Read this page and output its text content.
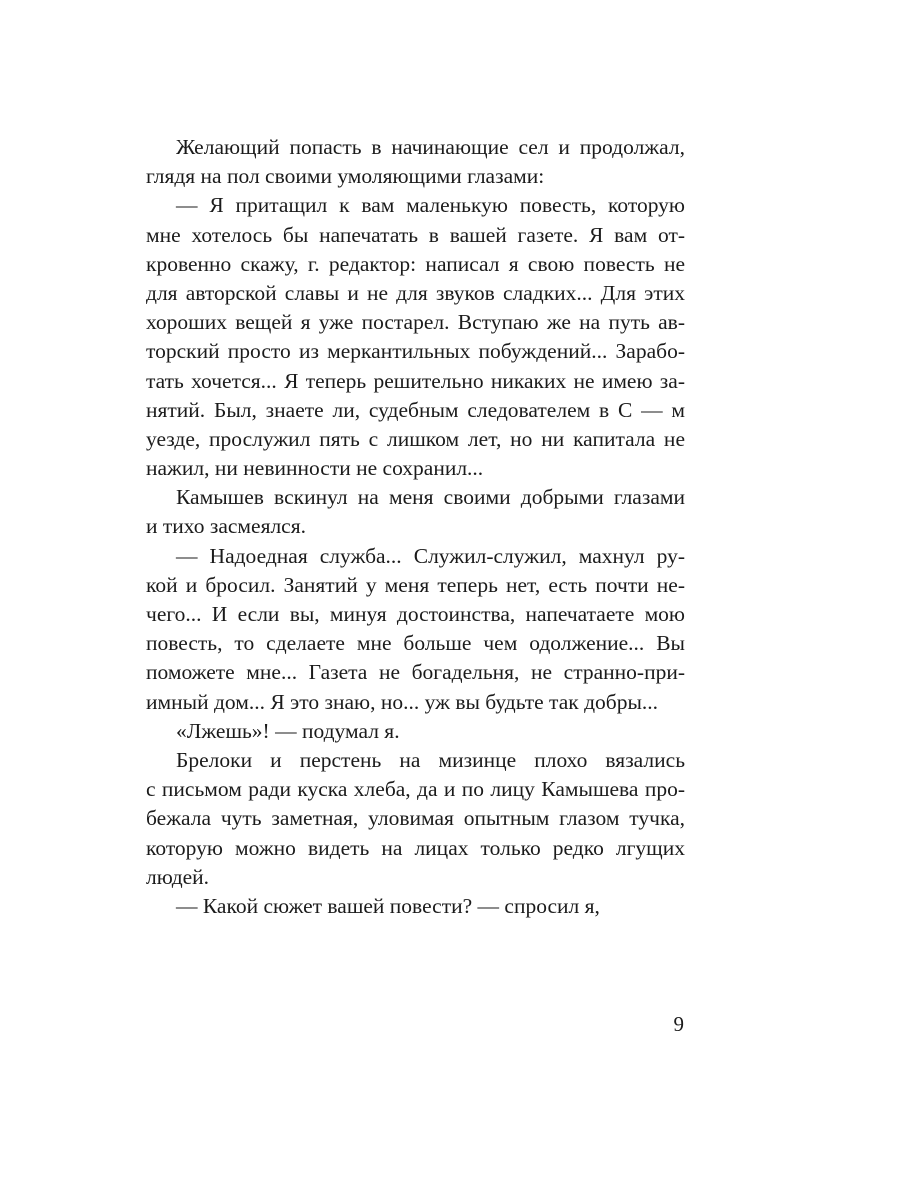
Желающий попасть в начинающие сел и продолжал,
глядя на пол своими умоляющими глазами:
— Я притащил к вам маленькую повесть, которую
мне хотелось бы напечатать в вашей газете. Я вам от-
кровенно скажу, г. редактор: написал я свою повесть не
для авторской славы и не для звуков сладких... Для этих
хороших вещей я уже постарел. Вступаю же на путь ав-
торский просто из меркантильных побуждений... Зарабо-
тать хочется... Я теперь решительно никаких не имею за-
нятий. Был, знаете ли, судебным следователем в С — м
уезде, прослужил пять с лишком лет, но ни капитала не
нажил, ни невинности не сохранил...
Камышев вскинул на меня своими добрыми глазами
и тихо засмеялся.
— Надоедная служба... Служил-служил, махнул ру-
кой и бросил. Занятий у меня теперь нет, есть почти не-
чего... И если вы, минуя достоинства, напечатаете мою
повесть, то сделаете мне больше чем одолжение... Вы
поможете мне... Газета не богадельня, не странно-при-
имный дом... Я это знаю, но... уж вы будьте так добры...
«Лжешь»! — подумал я.
Брелоки и перстень на мизинце плохо вязались
с письмом ради куска хлеба, да и по лицу Камышева про-
бежала чуть заметная, уловимая опытным глазом тучка,
которую можно видеть на лицах только редко лгущих
людей.
— Какой сюжет вашей повести? — спросил я,
9
